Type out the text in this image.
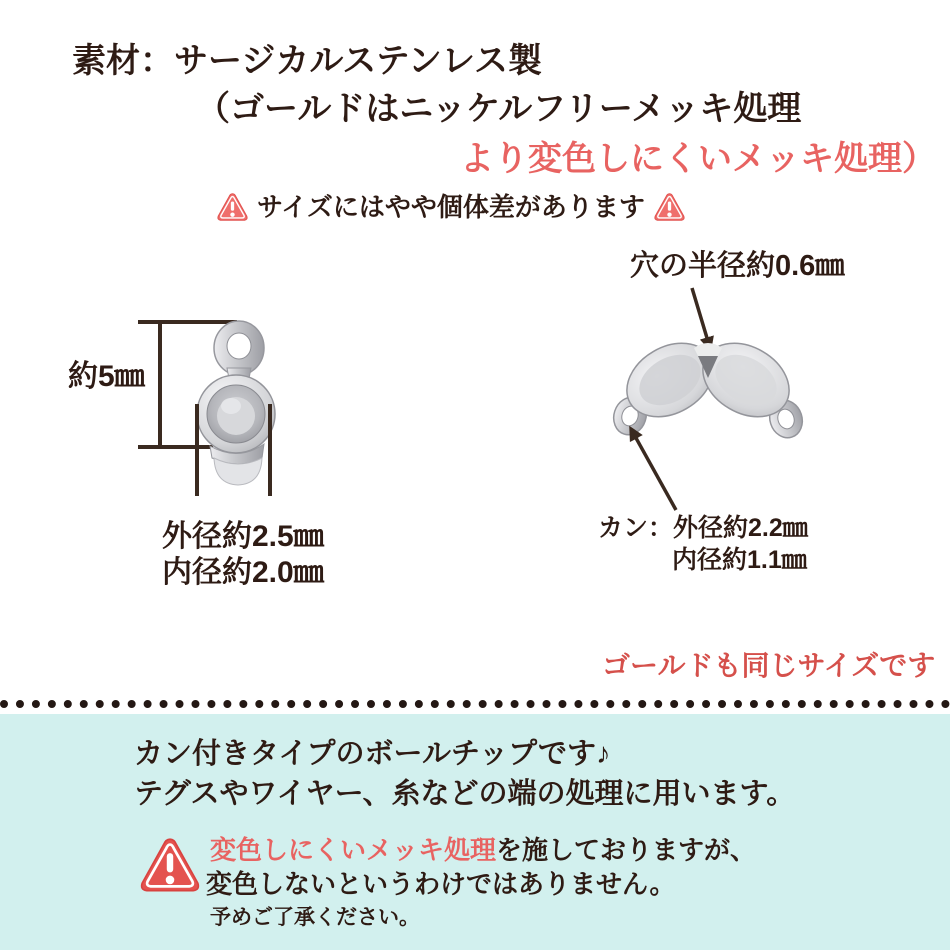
素材：サージカルステンレス製
（ゴールドはニッケルフリーメッキ処理
より変色しにくいメッキ処理）
サイズにはやや個体差があります
約5㎜
外径約2.5㎜
内径約2.0㎜
穴の半径約0.6㎜
カン：外径約2.2㎜
内径約1.1㎜
ゴールドも同じサイズです
カン付きタイプのボールチップです♪
テグスやワイヤー、糸などの端の処理に用います。
変色しにくいメッキ処理を施しておりますが、
変色しないというわけではありません。
予めご了承ください。
